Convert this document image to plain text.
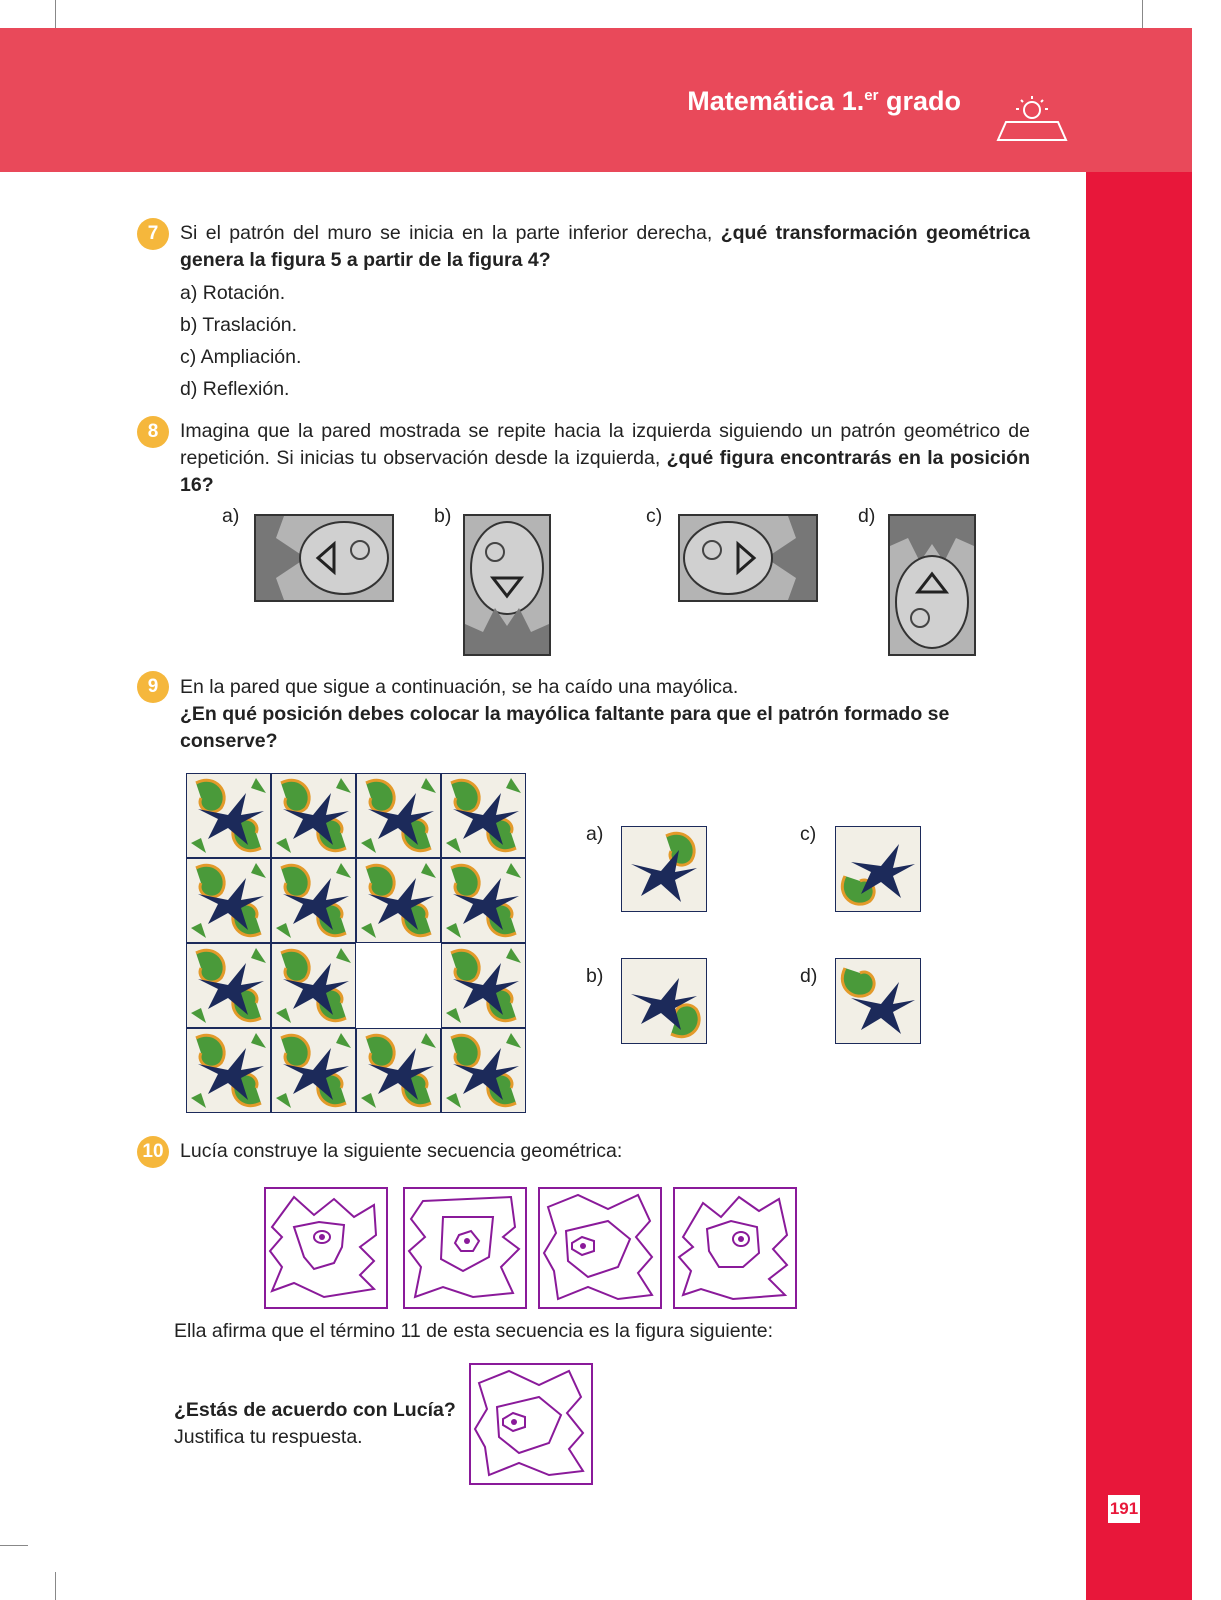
Matemática 1.$^{er}$ grado
191
7	Si el patrón del muro se inicia en la parte inferior derecha, ¿qué transformación geométrica genera la figura 5 a partir de la figura 4?
a) Rotación.
b) Traslación.
c) Ampliación.
d) Reflexión.
8	Imagina que la pared mostrada se repite hacia la izquierda siguiendo un patrón geométrico de repetición. Si inicias tu observación desde la izquierda, ¿qué figura encontrarás en la posición 16?
a)	b)	c)	d)
9	En la pared que sigue a continuación, se ha caído una mayólica.
¿En qué posición debes colocar la mayólica faltante para que el patrón formado se conserve?
a)	c)
b)	d)
10 Lucía construye la siguiente secuencia geométrica:
Ella afirma que el término 11 de esta secuencia es la figura siguiente:
¿Estás de acuerdo con Lucía?
Justifica tu respuesta.
